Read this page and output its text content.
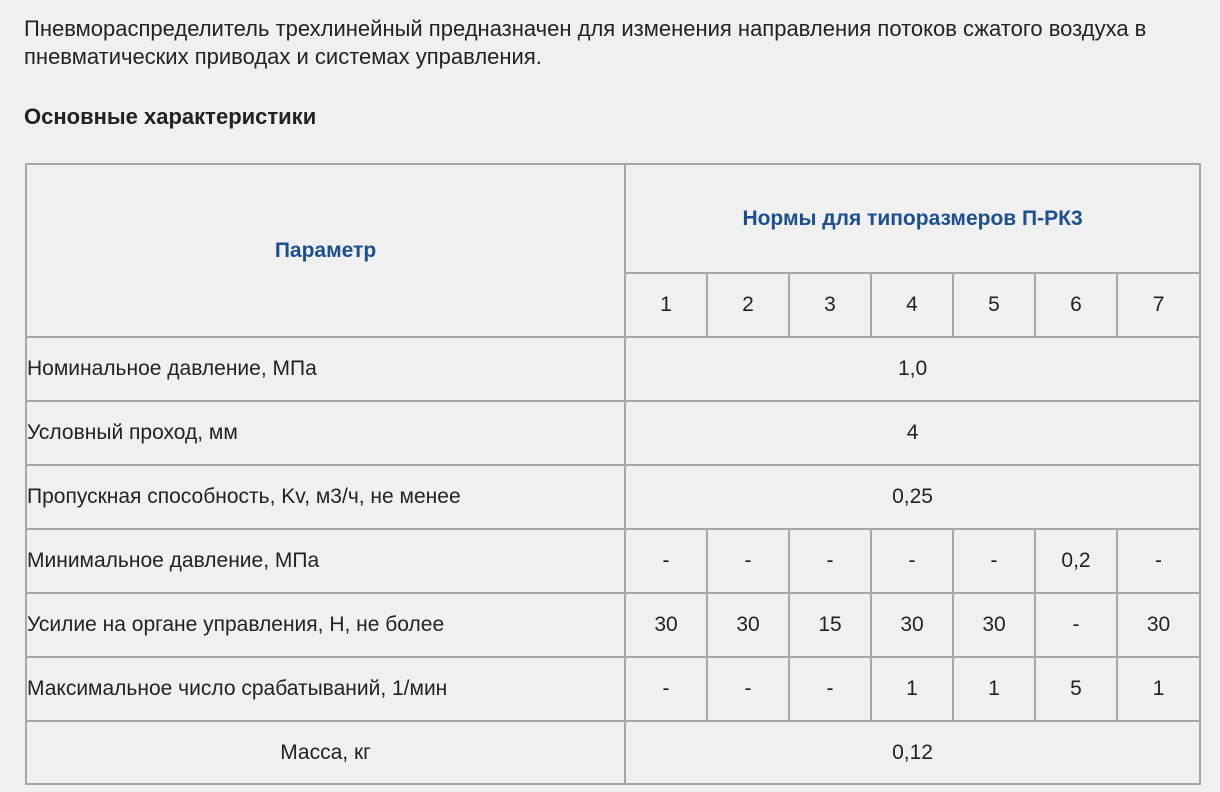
Пневмораспределитель трехлинейный предназначен для изменения направления потоков сжатого воздуха в пневматических приводах и системах управления.

Основные характеристики
Параметр	Нормы для типоразмеров П-РК3						
	1	2	3	4	5	6	7
Номинальное давление, МПа	1,0						
Условный проход, мм	4						
Пропускная способность, Kv, м3/ч, не менее	0,25						
Минимальное давление, МПа	-	-	-	-	-	0,2	-
Усилие на органе управления, Н, не более	30	30	15	30	30	-	30
Максимальное число срабатываний, 1/мин	-	-	-	1	1	5	1
Масса, кг	0,12						
